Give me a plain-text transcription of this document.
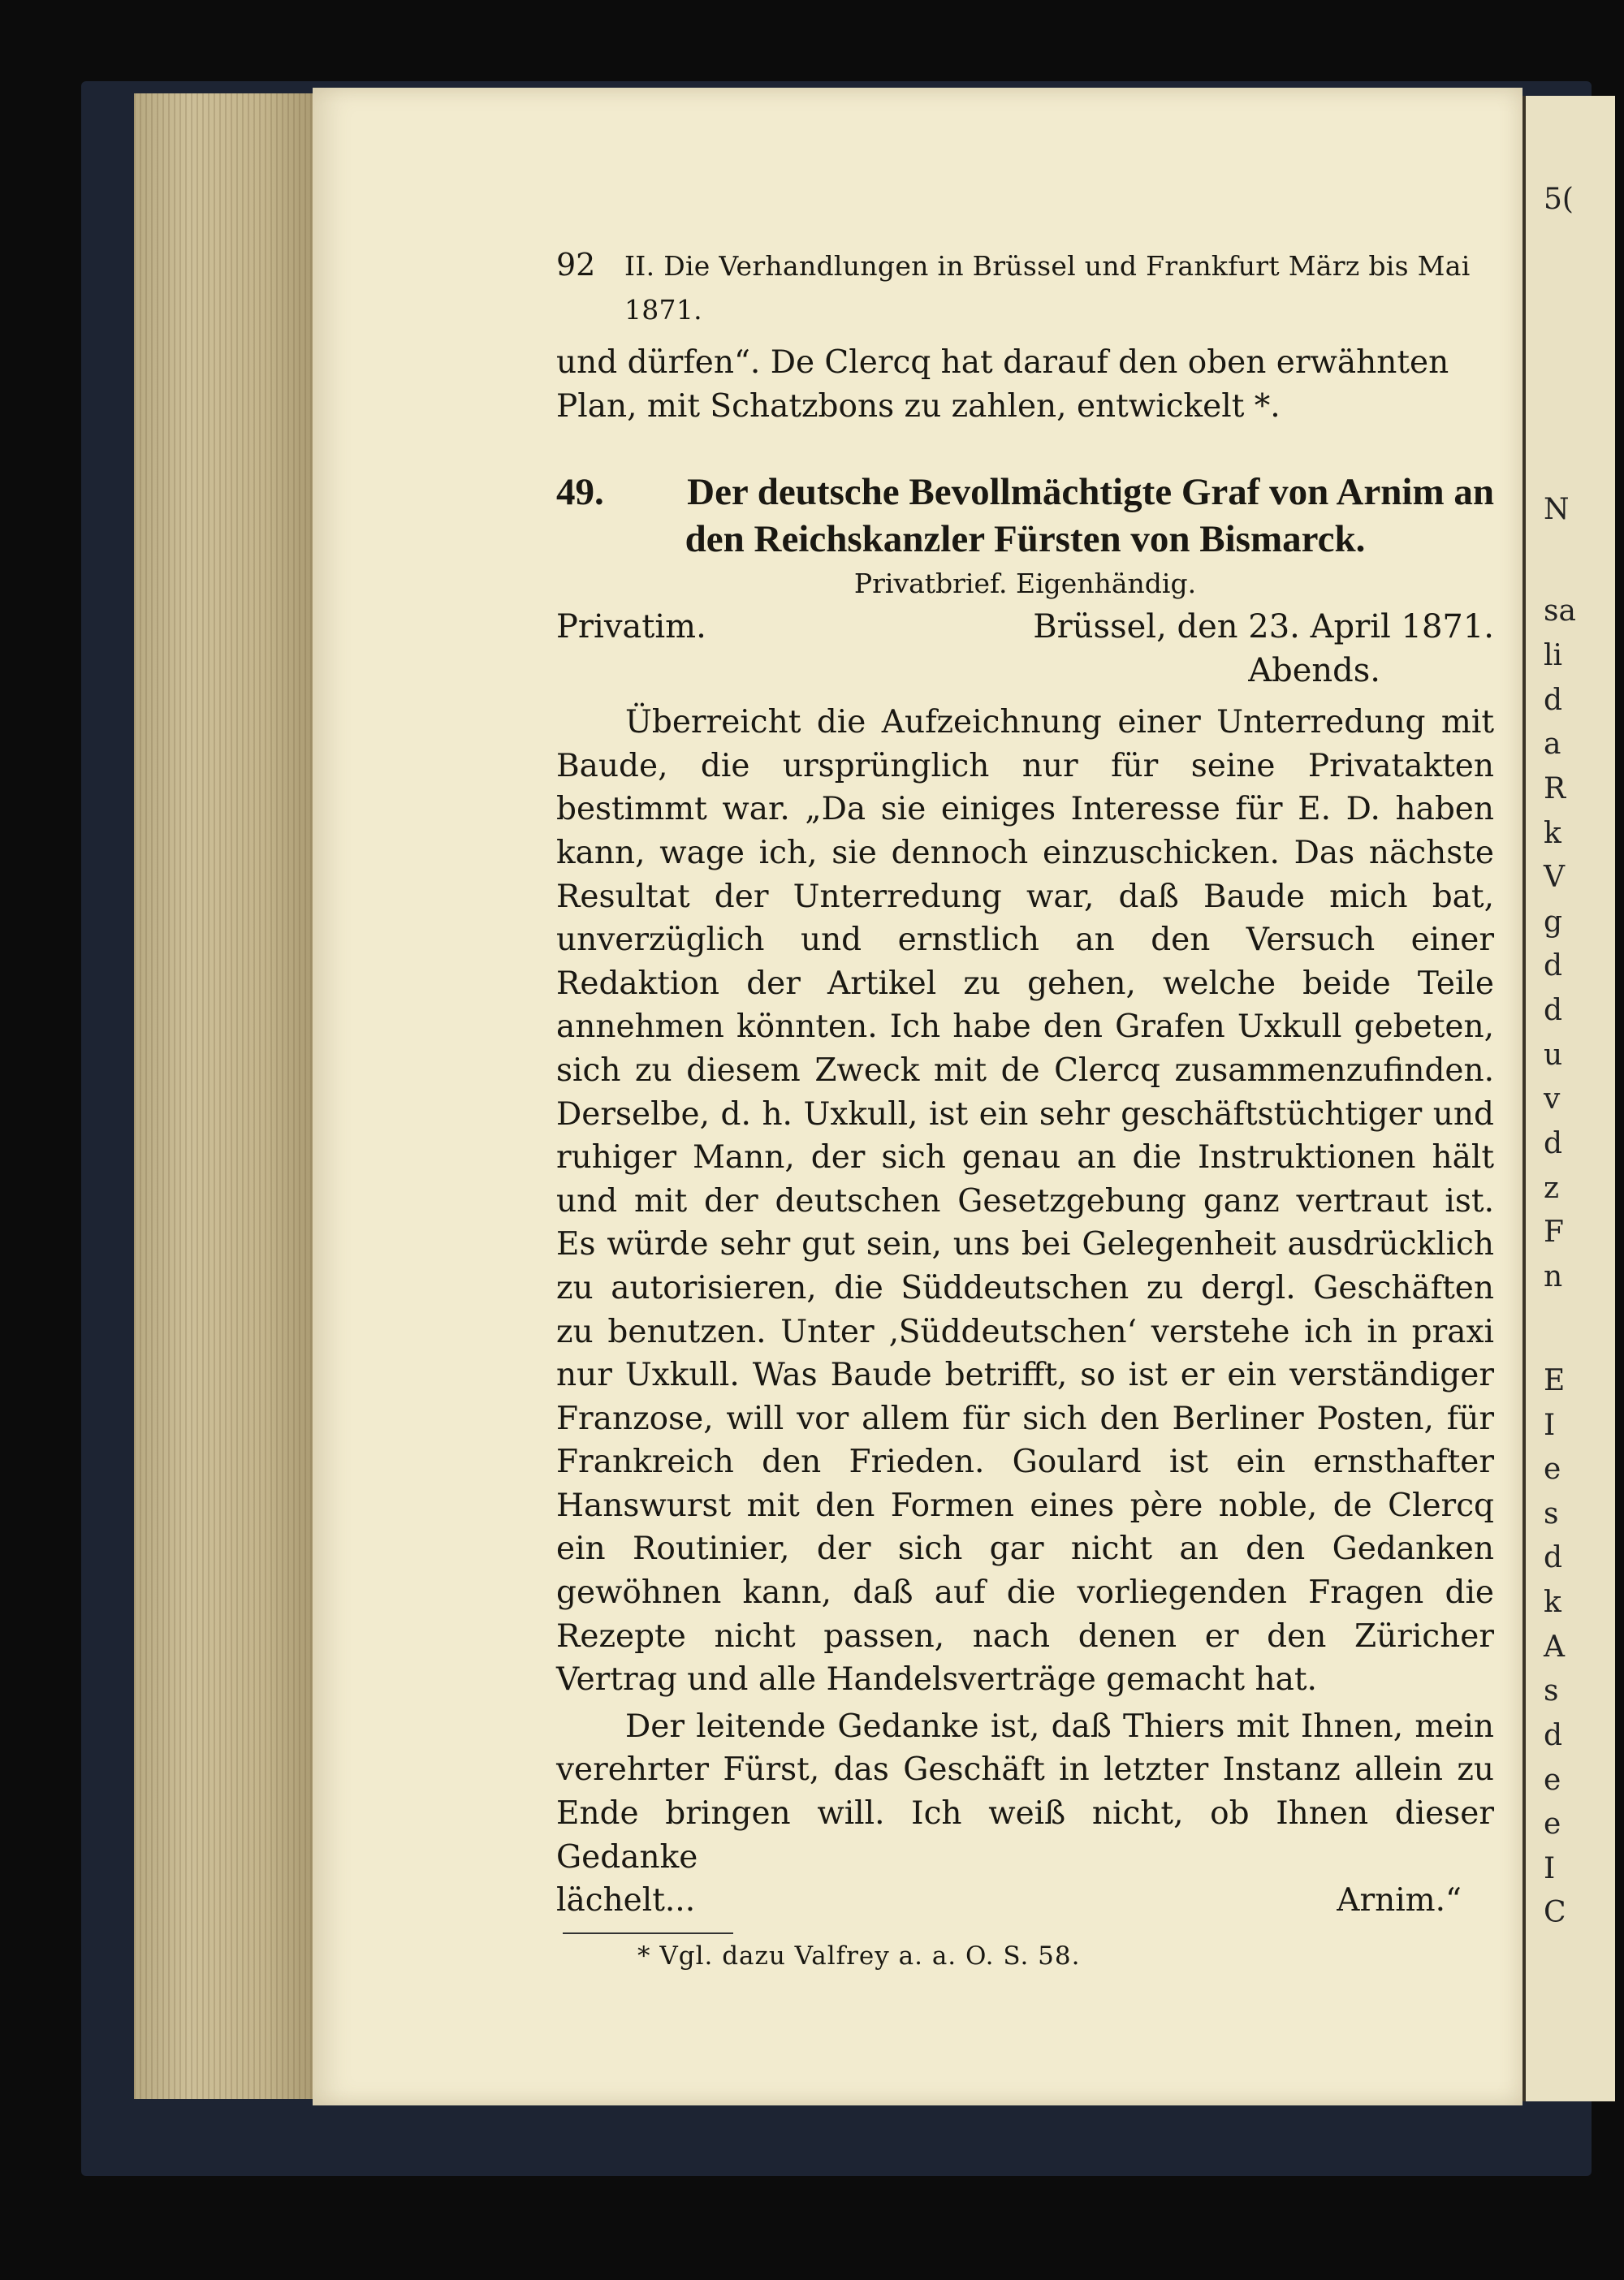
5(
N
sa
li
d
a
R
k
V
g
d
d
u
v
d
z
F
n
E
I
e
s
d
k
A
s
d
e
e
I
C
92	II. Die Verhandlungen in Brüssel und Frankfurt März bis Mai 1871.

und dürfen“. De Clercq hat darauf den oben erwähnten

Plan, mit Schatzbons zu zahlen, entwickelt *.

49. Der deutsche Bevollmächtigte Graf von Arnim an
den Reichskanzler Fürsten von Bismarck.
Privatbrief. Eigenhändig.
Privatim.	Brüssel, den 23. April 1871.
Abends.

Überreicht die Aufzeichnung einer Unterredung mit Baude, die ursprünglich nur für seine Privatakten bestimmt war. „Da sie einiges Interesse für E. D. haben kann, wage ich, sie dennoch einzuschicken. Das nächste Resultat der Unterredung war, daß Baude mich bat, unverzüglich und ernstlich an den Versuch einer Redaktion der Artikel zu gehen, welche beide Teile annehmen könnten. Ich habe den Grafen Uxkull gebeten, sich zu diesem Zweck mit de Clercq zusammenzufinden. Derselbe, d. h. Uxkull, ist ein sehr geschäftstüchtiger und ruhiger Mann, der sich genau an die Instruktionen hält und mit der deutschen Gesetzgebung ganz vertraut ist. Es würde sehr gut sein, uns bei Gelegenheit ausdrücklich zu autorisieren, die Süddeutschen zu dergl. Geschäften zu benutzen. Unter ‚Süddeutschen‘ verstehe ich in praxi nur Uxkull. Was Baude betrifft, so ist er ein verständiger Franzose, will vor allem für sich den Berliner Posten, für Frankreich den Frieden. Goulard ist ein ernsthafter Hanswurst mit den Formen eines père noble, de Clercq ein Routinier, der sich gar nicht an den Gedanken gewöhnen kann, daß auf die vorliegenden Fragen die Rezepte nicht passen, nach denen er den Züricher Vertrag und alle Handelsverträge gemacht hat.

Der leitende Gedanke ist, daß Thiers mit Ihnen, mein verehrter Fürst, das Geschäft in letzter Instanz allein zu Ende bringen will. Ich weiß nicht, ob Ihnen dieser Gedanke

lächelt...	Arnim.“
* Vgl. dazu Valfrey a. a. O. S. 58.
